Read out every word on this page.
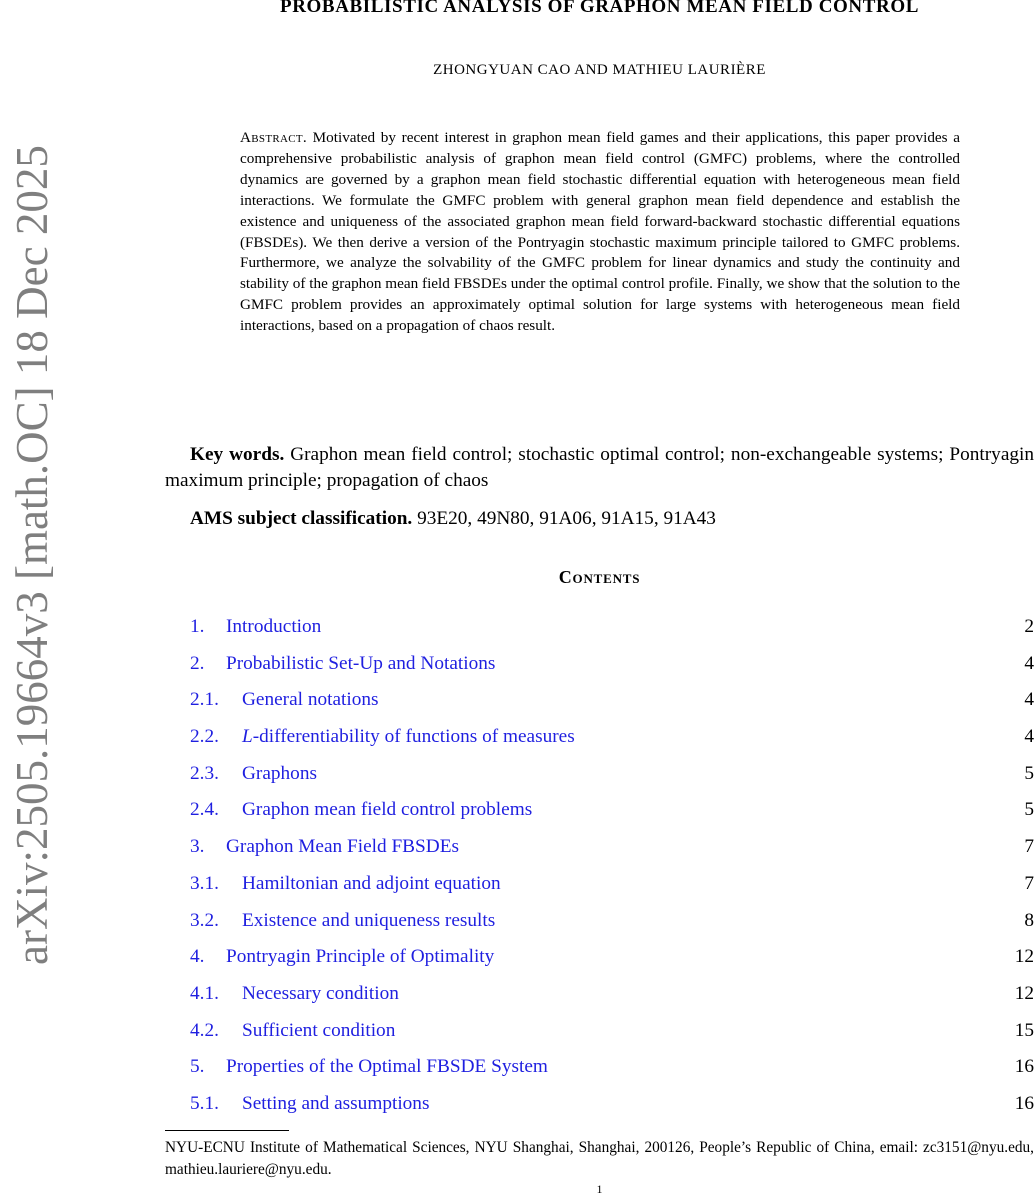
arXiv:2505.19664v3 [math.OC] 18 Dec 2025
PROBABILISTIC ANALYSIS OF GRAPHON MEAN FIELD CONTROL

ZHONGYUAN CAO AND MATHIEU LAURIÈRE

Abstract. Motivated by recent interest in graphon mean field games and their applications, this paper provides a comprehensive probabilistic analysis of graphon mean field control (GMFC) problems, where the controlled dynamics are governed by a graphon mean field stochastic differential equation with heterogeneous mean field interactions. We formulate the GMFC problem with general graphon mean field dependence and establish the existence and uniqueness of the associated graphon mean field forward-backward stochastic differential equations (FBSDEs). We then derive a version of the Pontryagin stochastic maximum principle tailored to GMFC problems. Furthermore, we analyze the solvability of the GMFC problem for linear dynamics and study the continuity and stability of the graphon mean field FBSDEs under the optimal control profile. Finally, we show that the solution to the GMFC problem provides an approximately optimal solution for large systems with heterogeneous mean field interactions, based on a propagation of chaos result.

Key words. Graphon mean field control; stochastic optimal control; non-exchangeable systems; Pontryagin maximum principle; propagation of chaos

AMS subject classification. 93E20, 49N80, 91A06, 91A15, 91A43

Contents
1. Introduction	2
2. Probabilistic Set-Up and Notations	4
2.1. General notations	4
2.2. L-differentiability of functions of measures	4
2.3. Graphons	5
2.4. Graphon mean field control problems	5
3. Graphon Mean Field FBSDEs	7
3.1. Hamiltonian and adjoint equation	7
3.2. Existence and uniqueness results	8
4. Pontryagin Principle of Optimality	12
4.1. Necessary condition	12
4.2. Sufficient condition	15
5. Properties of the Optimal FBSDE System	16
5.1. Setting and assumptions	16

NYU-ECNU Institute of Mathematical Sciences, NYU Shanghai, Shanghai, 200126, People’s Republic of China, email: zc3151@nyu.edu, mathieu.lauriere@nyu.edu.

1
